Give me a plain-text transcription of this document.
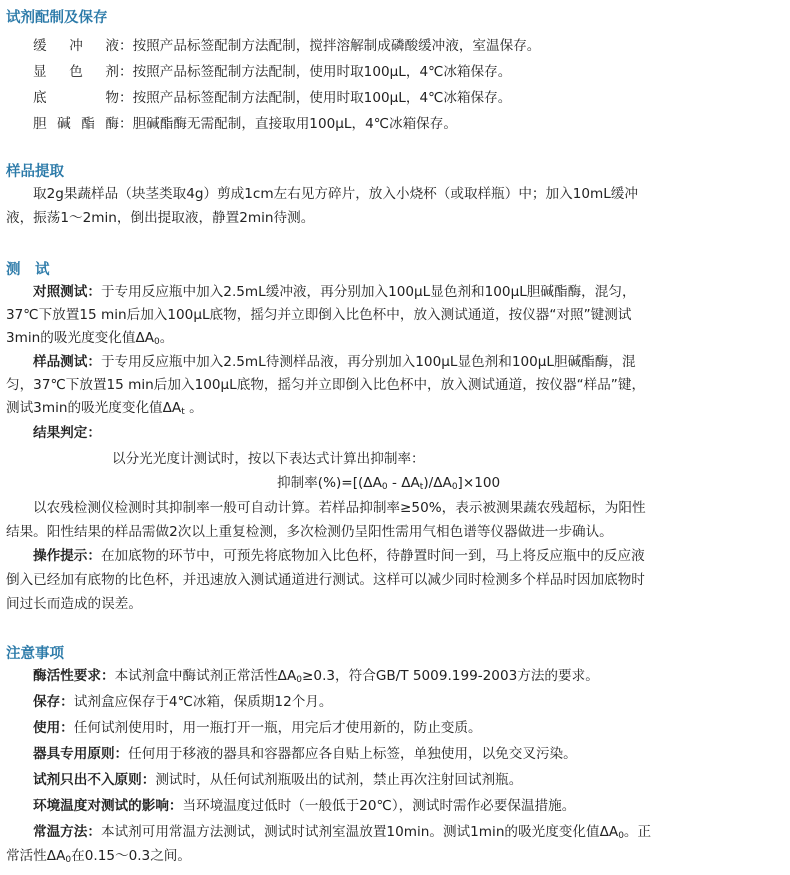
试剂配制及保存
缓冲液：按照产品标签配制方法配制，搅拌溶解制成磷酸缓冲液，室温保存。
显色剂：按照产品标签配制方法配制，使用时取100μL，4℃冰箱保存。
底物：按照产品标签配制方法配制，使用时取100μL，4℃冰箱保存。
胆碱酯酶：胆碱酯酶无需配制，直接取用100μL，4℃冰箱保存。
样品提取
取2g果蔬样品（块茎类取4g）剪成1cm左右见方碎片，放入小烧杯（或取样瓶）中；加入10mL缓冲
液，振荡1～2min，倒出提取液，静置2min待测。
测　试
对照测试：于专用反应瓶中加入2.5mL缓冲液，再分别加入100μL显色剂和100μL胆碱酯酶，混匀，
37℃下放置15 min后加入100μL底物，摇匀并立即倒入比色杯中，放入测试通道，按仪器“对照”键测试
3min的吸光度变化值$\Delta A_0$。
样品测试：于专用反应瓶中加入2.5mL待测样品液，再分别加入100μL显色剂和100μL胆碱酯酶，混
匀，37℃下放置15 min后加入100μL底物，摇匀并立即倒入比色杯中，放入测试通道，按仪器“样品”键，
测试3min的吸光度变化值$\Delta A_t$ 。
结果判定：
以分光光度计测试时，按以下表达式计算出抑制率：
抑制率$(\%)=[(\Delta A_0 - \Delta A_t)/\Delta A_0]\times 100$
以农残检测仪检测时其抑制率一般可自动计算。若样品抑制率≥50%，表示被测果蔬农残超标，为阳性
结果。阳性结果的样品需做2次以上重复检测，多次检测仍呈阳性需用气相色谱等仪器做进一步确认。
操作提示：在加底物的环节中，可预先将底物加入比色杯，待静置时间一到，马上将反应瓶中的反应液
倒入已经加有底物的比色杯，并迅速放入测试通道进行测试。这样可以减少同时检测多个样品时因加底物时
间过长而造成的误差。
注意事项
酶活性要求：本试剂盒中酶试剂正常活性$\Delta A_0\ge 0.3$，符合GB/T 5009.199-2003方法的要求。
保存：试剂盒应保存于4℃冰箱，保质期12个月。
使用：任何试剂使用时，用一瓶打开一瓶，用完后才使用新的，防止变质。
器具专用原则：任何用于移液的器具和容器都应各自贴上标签，单独使用，以免交叉污染。
试剂只出不入原则：测试时，从任何试剂瓶吸出的试剂，禁止再次注射回试剂瓶。
环境温度对测试的影响：当环境温度过低时（一般低于20℃），测试时需作必要保温措施。
常温方法：本试剂可用常温方法测试，测试时试剂室温放置10min。测试1min的吸光度变化值$\Delta A_0$。正
常活性$\Delta A_0$在0.15～0.3之间。
